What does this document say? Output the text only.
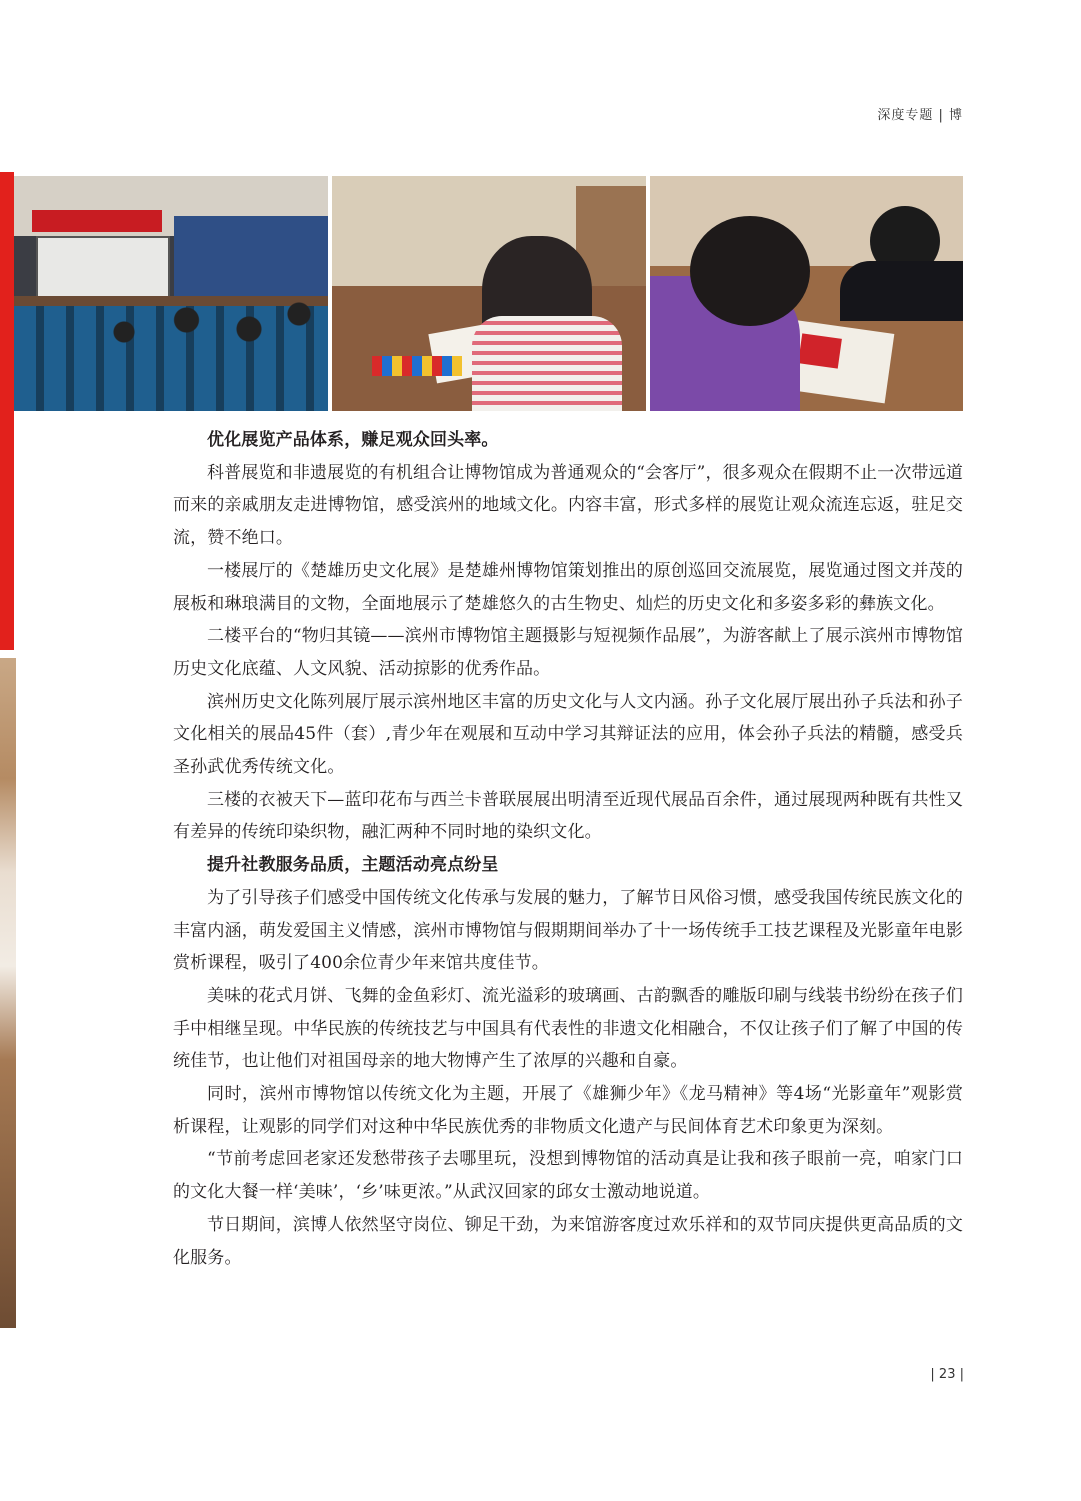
深度专题 | 博

优化展览产品体系，赚足观众回头率。

科普展览和非遗展览的有机组合让博物馆成为普通观众的“会客厅”，很多观众在假期不止一次带远道而来的亲戚朋友走进博物馆，感受滨州的地域文化。内容丰富，形式多样的展览让观众流连忘返，驻足交流，赞不绝口。

一楼展厅的《楚雄历史文化展》是楚雄州博物馆策划推出的原创巡回交流展览，展览通过图文并茂的展板和琳琅满目的文物，全面地展示了楚雄悠久的古生物史、灿烂的历史文化和多姿多彩的彝族文化。

二楼平台的“物归其镜——滨州市博物馆主题摄影与短视频作品展”，为游客献上了展示滨州市博物馆历史文化底蕴、人文风貌、活动掠影的优秀作品。

滨州历史文化陈列展厅展示滨州地区丰富的历史文化与人文内涵。孙子文化展厅展出孙子兵法和孙子文化相关的展品45件（套）,青少年在观展和互动中学习其辩证法的应用，体会孙子兵法的精髓，感受兵圣孙武优秀传统文化。

三楼的衣被天下—蓝印花布与西兰卡普联展展出明清至近现代展品百余件，通过展现两种既有共性又有差异的传统印染织物，融汇两种不同时地的染织文化。

提升社教服务品质，主题活动亮点纷呈

为了引导孩子们感受中国传统文化传承与发展的魅力，了解节日风俗习惯，感受我国传统民族文化的丰富内涵，萌发爱国主义情感，滨州市博物馆与假期期间举办了十一场传统手工技艺课程及光影童年电影赏析课程，吸引了400余位青少年来馆共度佳节。

美味的花式月饼、飞舞的金鱼彩灯、流光溢彩的玻璃画、古韵飘香的雕版印刷与线装书纷纷在孩子们手中相继呈现。中华民族的传统技艺与中国具有代表性的非遗文化相融合，不仅让孩子们了解了中国的传统佳节，也让他们对祖国母亲的地大物博产生了浓厚的兴趣和自豪。

同时，滨州市博物馆以传统文化为主题，开展了《雄狮少年》《龙马精神》等4场“光影童年”观影赏析课程，让观影的同学们对这种中华民族优秀的非物质文化遗产与民间体育艺术印象更为深刻。

“节前考虑回老家还发愁带孩子去哪里玩，没想到博物馆的活动真是让我和孩子眼前一亮，咱家门口的文化大餐一样‘美味’，‘乡’味更浓。”从武汉回家的邱女士激动地说道。

节日期间，滨博人依然坚守岗位、铆足干劲，为来馆游客度过欢乐祥和的双节同庆提供更高品质的文化服务。

| 23 |
